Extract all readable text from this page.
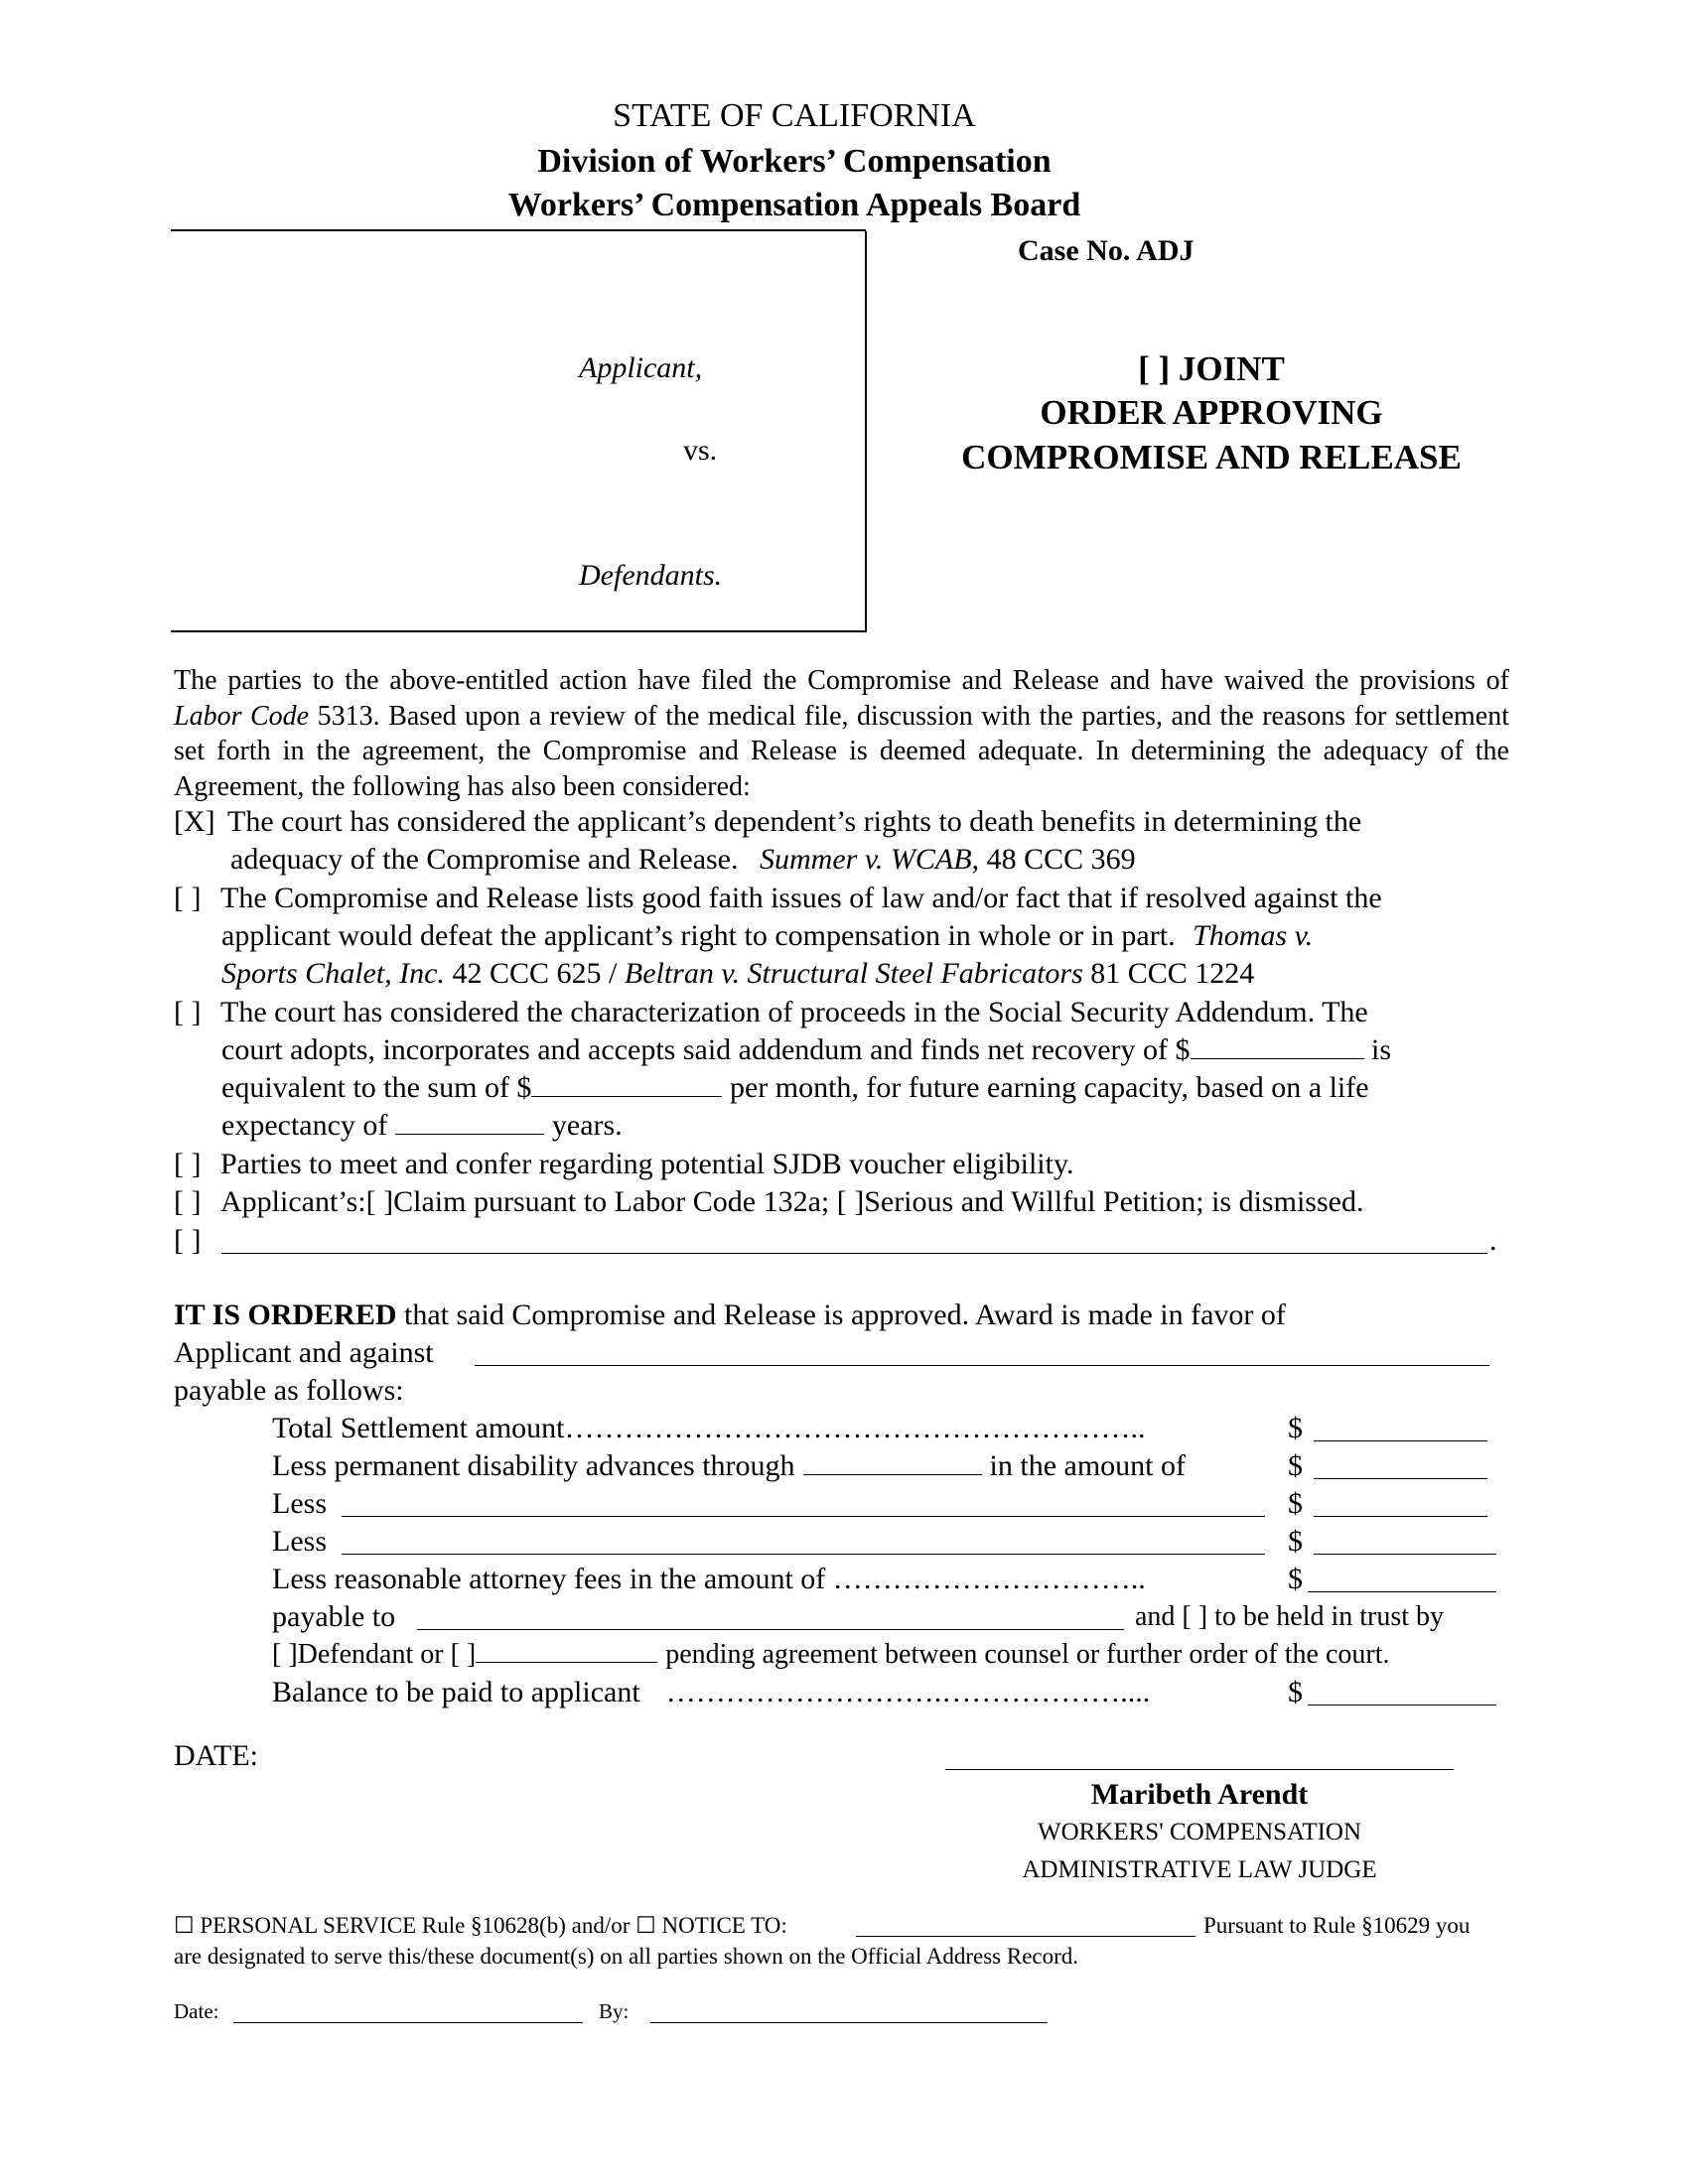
STATE OF CALIFORNIA
Division of Workers’ Compensation
Workers’ Compensation Appeals Board
Case No. ADJ
Applicant,
vs.
Defendants.
[ ] JOINT
ORDER APPROVING
COMPROMISE AND RELEASE
The parties to the above-entitled action have filed the Compromise and Release and have waived the provisions of Labor Code 5313. Based upon a review of the medical file, discussion with the parties, and the reasons for settlement set forth in the agreement, the Compromise and Release is deemed adequate. In determining the adequacy of the Agreement, the following has also been considered:
[X] The court has considered the applicant’s dependent’s rights to death benefits in determining the
adequacy of the Compromise and Release. Summer v. WCAB, 48 CCC 369
[ ] The Compromise and Release lists good faith issues of law and/or fact that if resolved against the
applicant would defeat the applicant’s right to compensation in whole or in part. Thomas v.
Sports Chalet, Inc. 42 CCC 625 / Beltran v. Structural Steel Fabricators 81 CCC 1224
[ ] The court has considered the characterization of proceeds in the Social Security Addendum. The
court adopts, incorporates and accepts said addendum and finds net recovery of $	is
equivalent to the sum of $	per month, for future earning capacity, based on a life
expectancy of	years.
[ ] Parties to meet and confer regarding potential SJDB voucher eligibility.
[ ] Applicant’s:[ ]Claim pursuant to Labor Code 132a; [ ]Serious and Willful Petition; is dismissed.
[ ]	.
IT IS ORDERED that said Compromise and Release is approved. Award is made in favor of
Applicant and against
payable as follows:
Total Settlement amount…………………………………………………..	$
Less permanent disability advances through	in the amount of	$
Less	$
Less	$
Less reasonable attorney fees in the amount of …………………………..	$
payable to	and [ ] to be held in trust by
[ ]Defendant or [ ]	pending agreement between counsel or further order of the court.
Balance to be paid to applicant ……………………….………………....	$
DATE:
Maribeth Arendt
WORKERS' COMPENSATION
ADMINISTRATIVE LAW JUDGE
☐ PERSONAL SERVICE Rule §10628(b) and/or ☐ NOTICE TO:	Pursuant to Rule §10629 you
are designated to serve this/these document(s) on all parties shown on the Official Address Record.
Date:	By:
